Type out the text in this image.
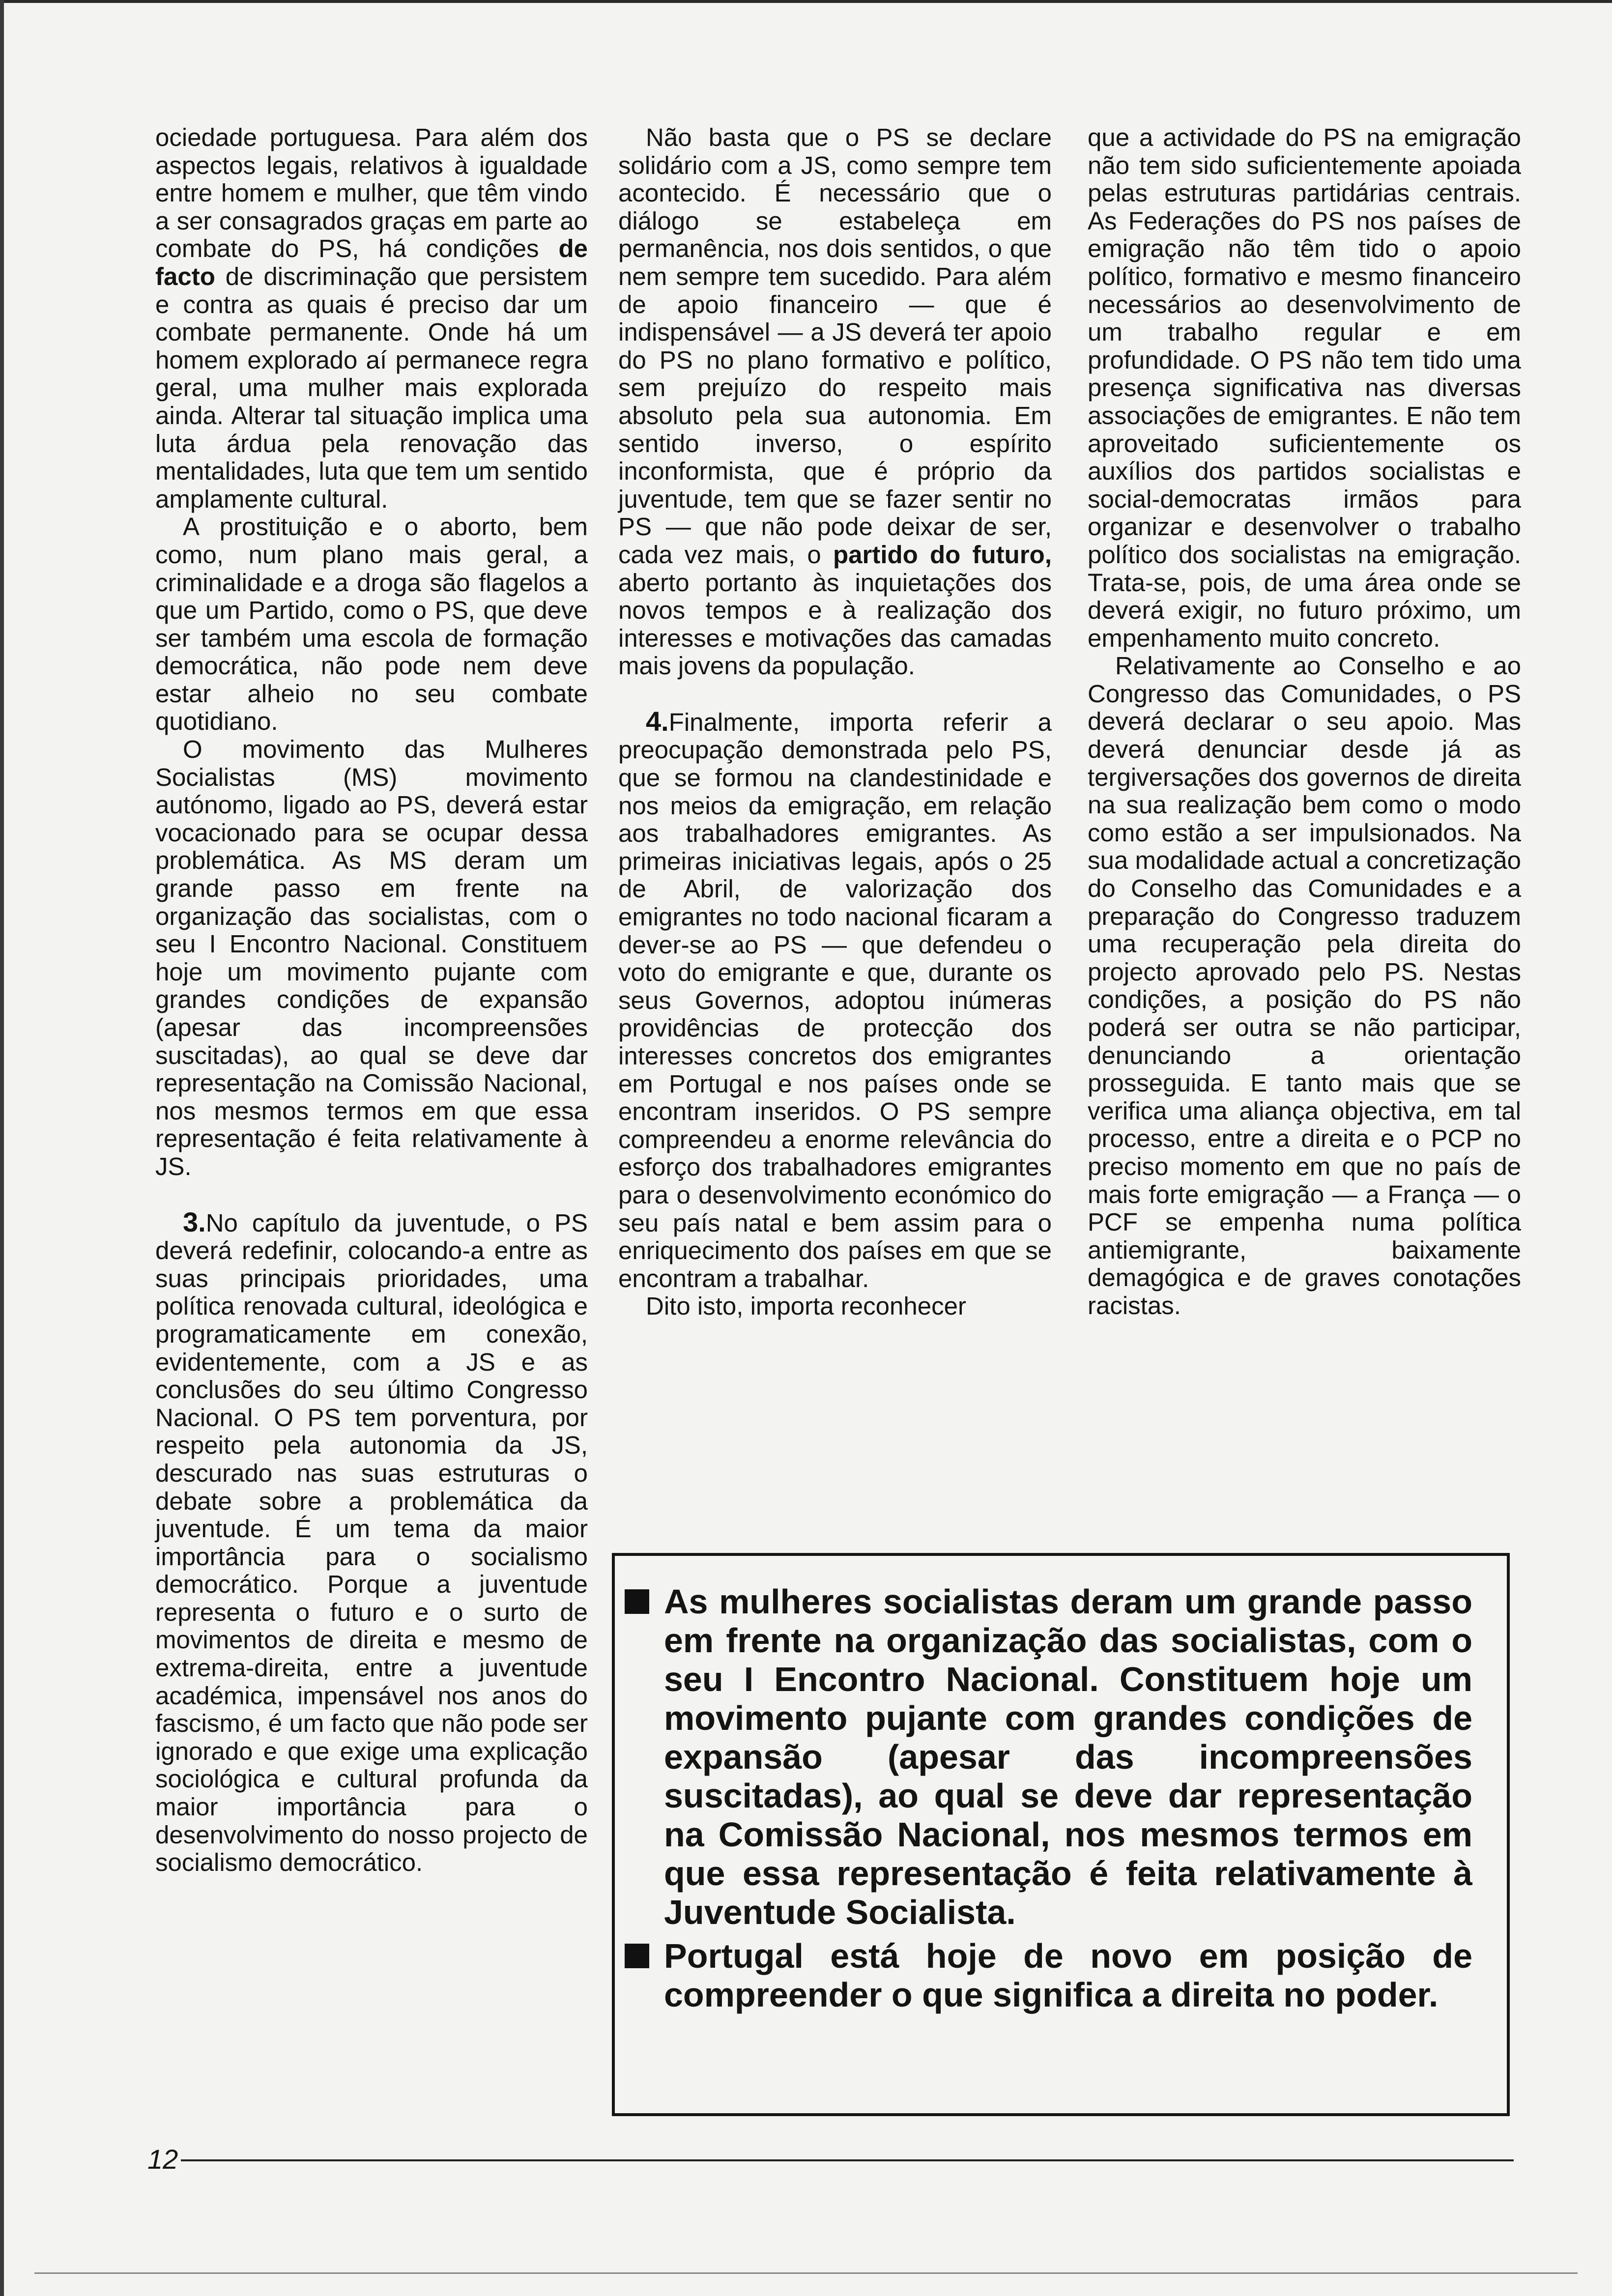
ociedade portuguesa. Para além dos aspectos legais, relativos à igualdade entre homem e mulher, que têm vindo a ser consagrados graças em parte ao combate do PS, há condições de facto de discriminação que persistem e contra as quais é preciso dar um combate permanente. Onde há um homem explorado aí permanece regra geral, uma mulher mais explorada ainda. Alterar tal situação implica uma luta árdua pela renovação das mentalidades, luta que tem um sentido amplamente cultural.

A prostituição e o aborto, bem como, num plano mais geral, a criminalidade e a droga são flagelos a que um Partido, como o PS, que deve ser também uma escola de formação democrática, não pode nem deve estar alheio no seu combate quotidiano.

O movimento das Mulheres Socialistas (MS) movimento autónomo, ligado ao PS, deverá estar vocacionado para se ocupar dessa problemática. As MS deram um grande passo em frente na organização das socialistas, com o seu I Encontro Nacional. Constituem hoje um movimento pujante com grandes condições de expansão (apesar das incompreensões suscitadas), ao qual se deve dar representação na Comissão Nacional, nos mesmos termos em que essa representação é feita relativamente à JS.

3.No capítulo da juventude, o PS deverá redefinir, colocando-a entre as suas principais prioridades, uma política renovada cultural, ideológica e programaticamente em conexão, evidentemente, com a JS e as conclusões do seu último Congresso Nacional. O PS tem porventura, por respeito pela autonomia da JS, descurado nas suas estruturas o debate sobre a problemática da juventude. É um tema da maior importância para o socialismo democrático. Porque a juventude representa o futuro e o surto de movimentos de direita e mesmo de extrema-direita, entre a juventude académica, impensável nos anos do fascismo, é um facto que não pode ser ignorado e que exige uma explicação sociológica e cultural profunda da maior importância para o desenvolvimento do nosso projecto de socialismo democrático.

Não basta que o PS se declare solidário com a JS, como sempre tem acontecido. É necessário que o diálogo se estabeleça em permanência, nos dois sentidos, o que nem sempre tem sucedido. Para além de apoio financeiro — que é indispensável — a JS deverá ter apoio do PS no plano formativo e político, sem prejuízo do respeito mais absoluto pela sua autonomia. Em sentido inverso, o espírito inconformista, que é próprio da juventude, tem que se fazer sentir no PS — que não pode deixar de ser, cada vez mais, o partido do futuro, aberto portanto às inquietações dos novos tempos e à realização dos interesses e motivações das camadas mais jovens da população.

4.Finalmente, importa referir a preocupação demonstrada pelo PS, que se formou na clandestinidade e nos meios da emigração, em relação aos trabalhadores emigrantes. As primeiras iniciativas legais, após o 25 de Abril, de valorização dos emigrantes no todo nacional ficaram a dever-se ao PS — que defendeu o voto do emigrante e que, durante os seus Governos, adoptou inúmeras providências de protecção dos interesses concretos dos emigrantes em Portugal e nos países onde se encontram inseridos. O PS sempre compreendeu a enorme relevância do esforço dos trabalhadores emigrantes para o desenvolvimento económico do seu país natal e bem assim para o enriquecimento dos países em que se encontram a trabalhar.

Dito isto, importa reconhecer

que a actividade do PS na emigração não tem sido suficientemente apoiada pelas estruturas partidárias centrais. As Federações do PS nos países de emigração não têm tido o apoio político, formativo e mesmo financeiro necessários ao desenvolvimento de um trabalho regular e em profundidade. O PS não tem tido uma presença significativa nas diversas associações de emigrantes. E não tem aproveitado suficientemente os auxílios dos partidos socialistas e social-democratas irmãos para organizar e desenvolver o trabalho político dos socialistas na emigração. Trata-se, pois, de uma área onde se deverá exigir, no futuro próximo, um empenhamento muito concreto.

Relativamente ao Conselho e ao Congresso das Comunidades, o PS deverá declarar o seu apoio. Mas deverá denunciar desde já as tergiversações dos governos de direita na sua realização bem como o modo como estão a ser impulsionados. Na sua modalidade actual a concretização do Conselho das Comunidades e a preparação do Congresso traduzem uma recuperação pela direita do projecto aprovado pelo PS. Nestas condições, a posição do PS não poderá ser outra se não participar, denunciando a orientação prosseguida. E tanto mais que se verifica uma aliança objectiva, em tal processo, entre a direita e o PCP no preciso momento em que no país de mais forte emigração — a França — o PCF se empenha numa política antiemigrante, baixamente demagógica e de graves conotações racistas.

As mulheres socialistas deram um grande passo em frente na organização das socialistas, com o seu I Encontro Nacional. Constituem hoje um movimento pujante com grandes condições de expansão (apesar das incompreensões suscitadas), ao qual se deve dar representação na Comissão Nacional, nos mesmos termos em que essa representação é feita relativamente à Juventude Socialista.
Portugal está hoje de novo em posição de compreender o que significa a direita no poder.
12
